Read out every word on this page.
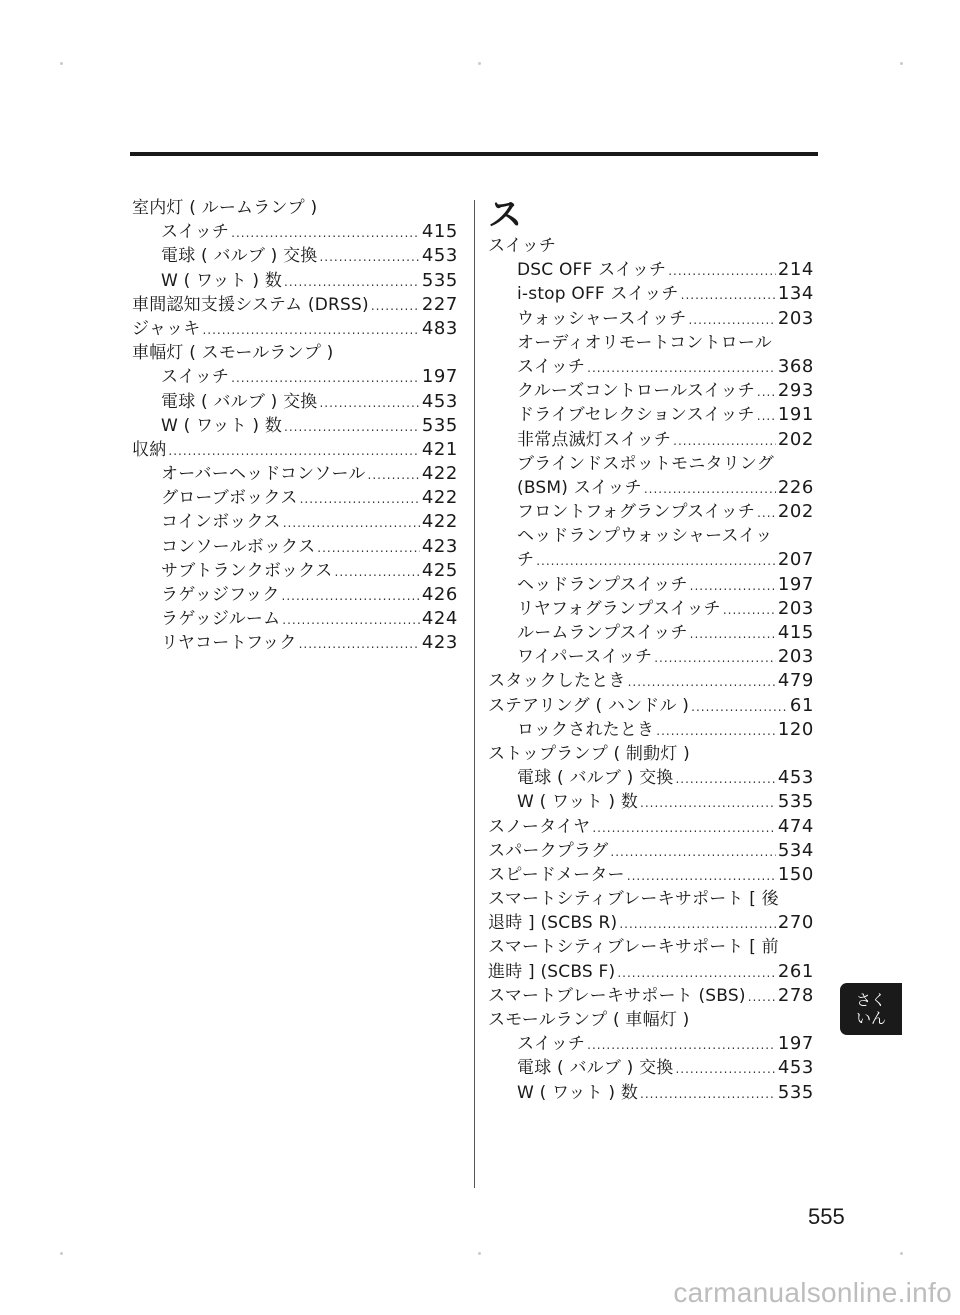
室内灯 ( ルームランプ )
スイッチ .....	415
電球 ( バルブ ) 交換 .....	453
W ( ワット ) 数 .....	535
車間認知支援システム (DRSS) .....	227
ジャッキ .....	483
車幅灯 ( スモールランプ )
スイッチ .....	197
電球 ( バルブ ) 交換 .....	453
W ( ワット ) 数 .....	535
収納 .....	421
オーバーヘッドコンソール .....	422
グローブボックス .....	422
コインボックス .....	422
コンソールボックス .....	423
サブトランクボックス .....	425
ラゲッジフック .....	426
ラゲッジルーム .....	424
リヤコートフック .....	423
ス
スイッチ
DSC OFF スイッチ .....	214
i-stop OFF スイッチ .....	134
ウォッシャースイッチ .....	203
オーディオリモートコントロール
スイッチ .....	368
クルーズコントロールスイッチ ..... 293
ドライブセレクションスイッチ ..... 191
非常点滅灯スイッチ .....	202
ブラインドスポットモニタリング
(BSM) スイッチ .....	226
フロントフォグランプスイッチ ..... 202
ヘッドランプウォッシャースイッ
チ .....	207
ヘッドランプスイッチ .....	197
リヤフォグランプスイッチ .....	203
ルームランプスイッチ .....	415
ワイパースイッチ .....	203
スタックしたとき .....	479
ステアリング ( ハンドル ) .....	61
ロックされたとき .....	120
ストップランプ ( 制動灯 )
電球 ( バルブ ) 交換 .....	453
W ( ワット ) 数 .....	535
スノータイヤ .....	474
スパークプラグ .....	534
スピードメーター .....	150
スマートシティブレーキサポート [ 後
退時 ] (SCBS R) .....	270
スマートシティブレーキサポート [ 前
進時 ] (SCBS F) .....	261
スマートブレーキサポート (SBS) ..... 278
スモールランプ ( 車幅灯 )
スイッチ .....	197
電球 ( バルブ ) 交換 .....	453
W ( ワット ) 数 .....	535
さく
いん
555
carmanualsonline.info
